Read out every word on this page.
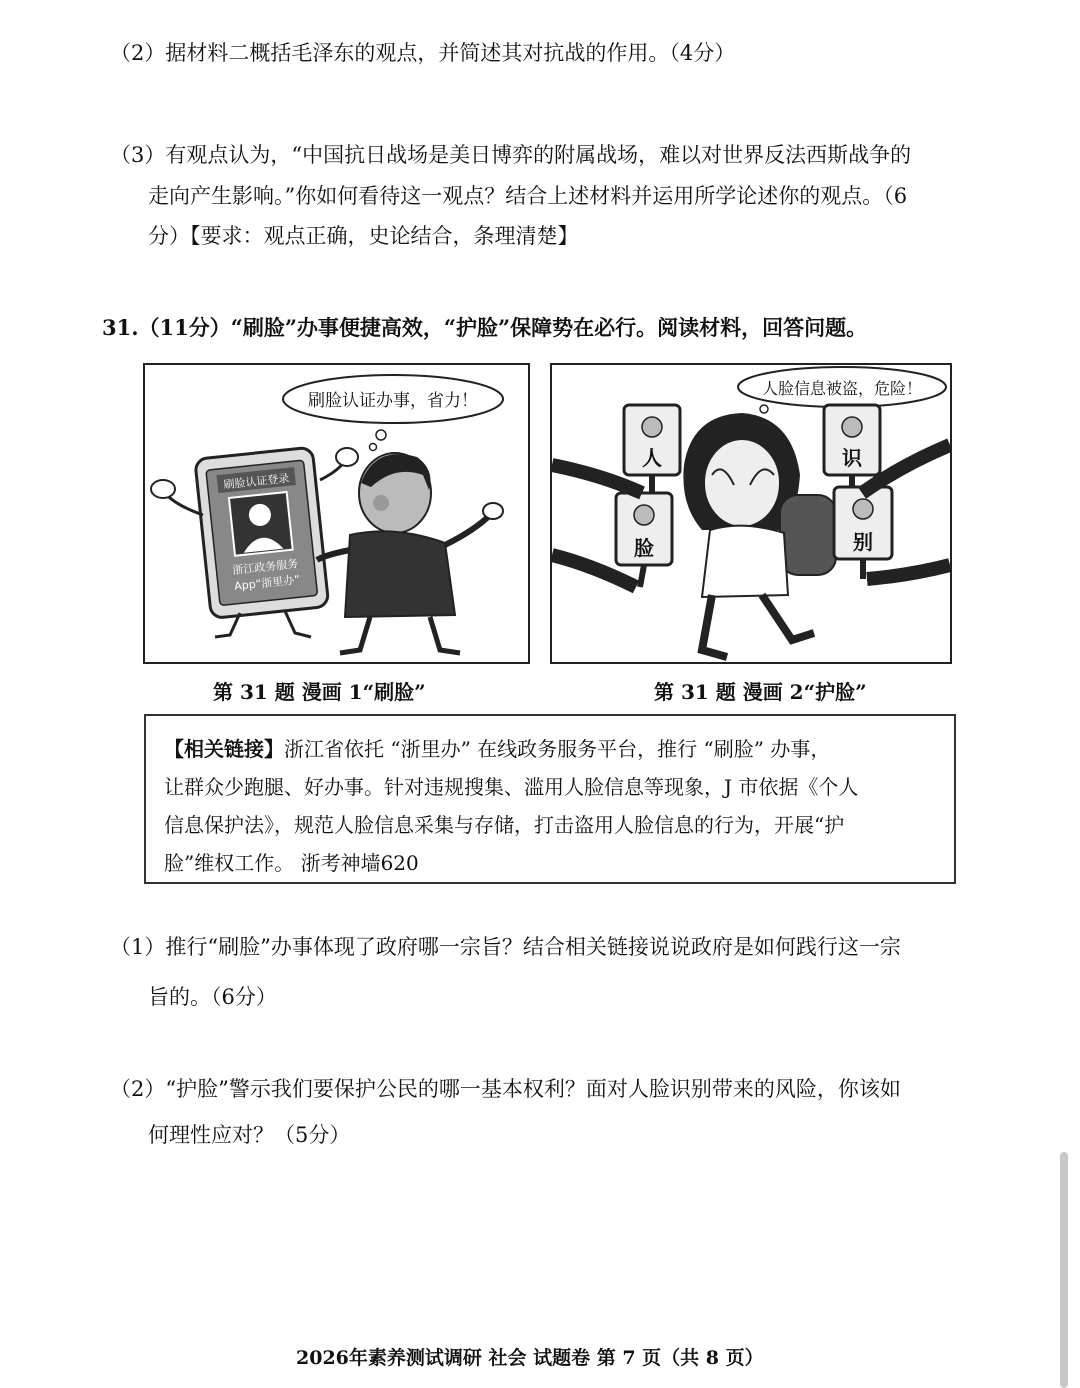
（2）据材料二概括毛泽东的观点，并简述其对抗战的作用。（4分）
（3）有观点认为，“中国抗日战场是美日博弈的附属战场，难以对世界反法西斯战争的
走向产生影响。”你如何看待这一观点？结合上述材料并运用所学论述你的观点。（6
分）【要求：观点正确，史论结合，条理清楚】
31.（11分）“刷脸”办事便捷高效，“护脸”保障势在必行。阅读材料，回答问题。
刷脸认证办事，省力！
刷脸认证登录
浙江政务服务
App“浙里办”
第 31 题 漫画 1“刷脸”
人脸信息被盗，危险！
人
脸
识
别
第 31 题 漫画 2“护脸”
【相关链接】浙江省依托 “浙里办” 在线政务服务平台，推行 “刷脸” 办事，
让群众少跑腿、好办事。针对违规搜集、滥用人脸信息等现象，J 市依据《个人
信息保护法》，规范人脸信息采集与存储，打击盗用人脸信息的行为，开展“护
脸”维权工作。 浙考神墙620
（1）推行“刷脸”办事体现了政府哪一宗旨？结合相关链接说说政府是如何践行这一宗
旨的。（6分）
（2）“护脸”警示我们要保护公民的哪一基本权利？面对人脸识别带来的风险，你该如
何理性应对？（5分）
2026年素养测试调研 社会 试题卷 第 7 页（共 8 页）
